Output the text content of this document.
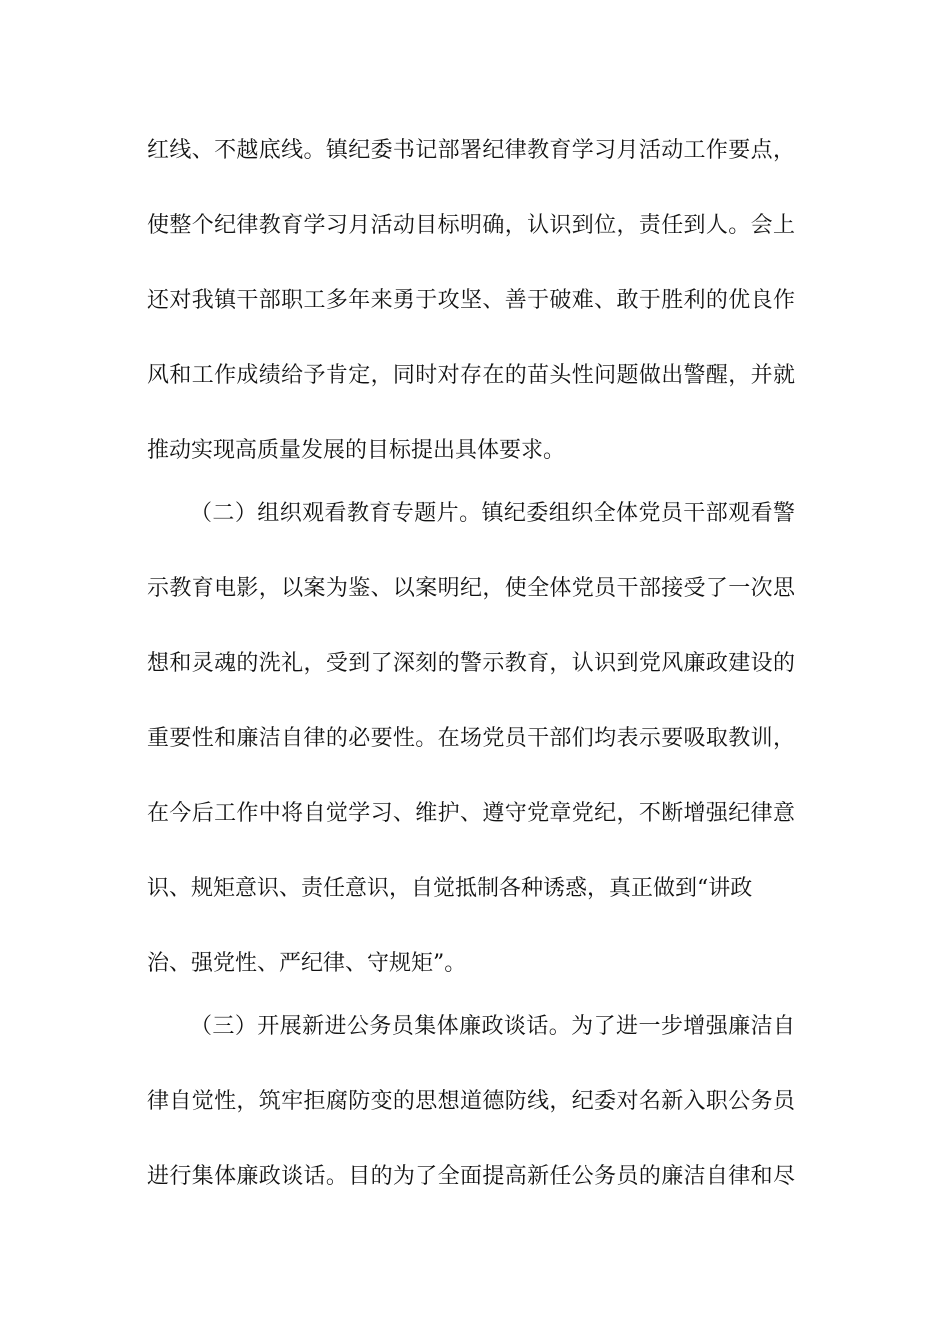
红线、不越底线。镇纪委书记部署纪律教育学习月活动工作要点，
使整个纪律教育学习月活动目标明确，认识到位，责任到人。会上
还对我镇干部职工多年来勇于攻坚、善于破难、敢于胜利的优良作
风和工作成绩给予肯定，同时对存在的苗头性问题做出警醒，并就
推动实现高质量发展的目标提出具体要求。
（二）组织观看教育专题片。镇纪委组织全体党员干部观看警
示教育电影，以案为鉴、以案明纪，使全体党员干部接受了一次思
想和灵魂的洗礼，受到了深刻的警示教育，认识到党风廉政建设的
重要性和廉洁自律的必要性。在场党员干部们均表示要吸取教训，
在今后工作中将自觉学习、维护、遵守党章党纪，不断增强纪律意
识、规矩意识、责任意识，自觉抵制各种诱惑，真正做到“讲政
治、强党性、严纪律、守规矩”。
（三）开展新进公务员集体廉政谈话。为了进一步增强廉洁自
律自觉性，筑牢拒腐防变的思想道德防线，纪委对名新入职公务员
进行集体廉政谈话。目的为了全面提高新任公务员的廉洁自律和尽
